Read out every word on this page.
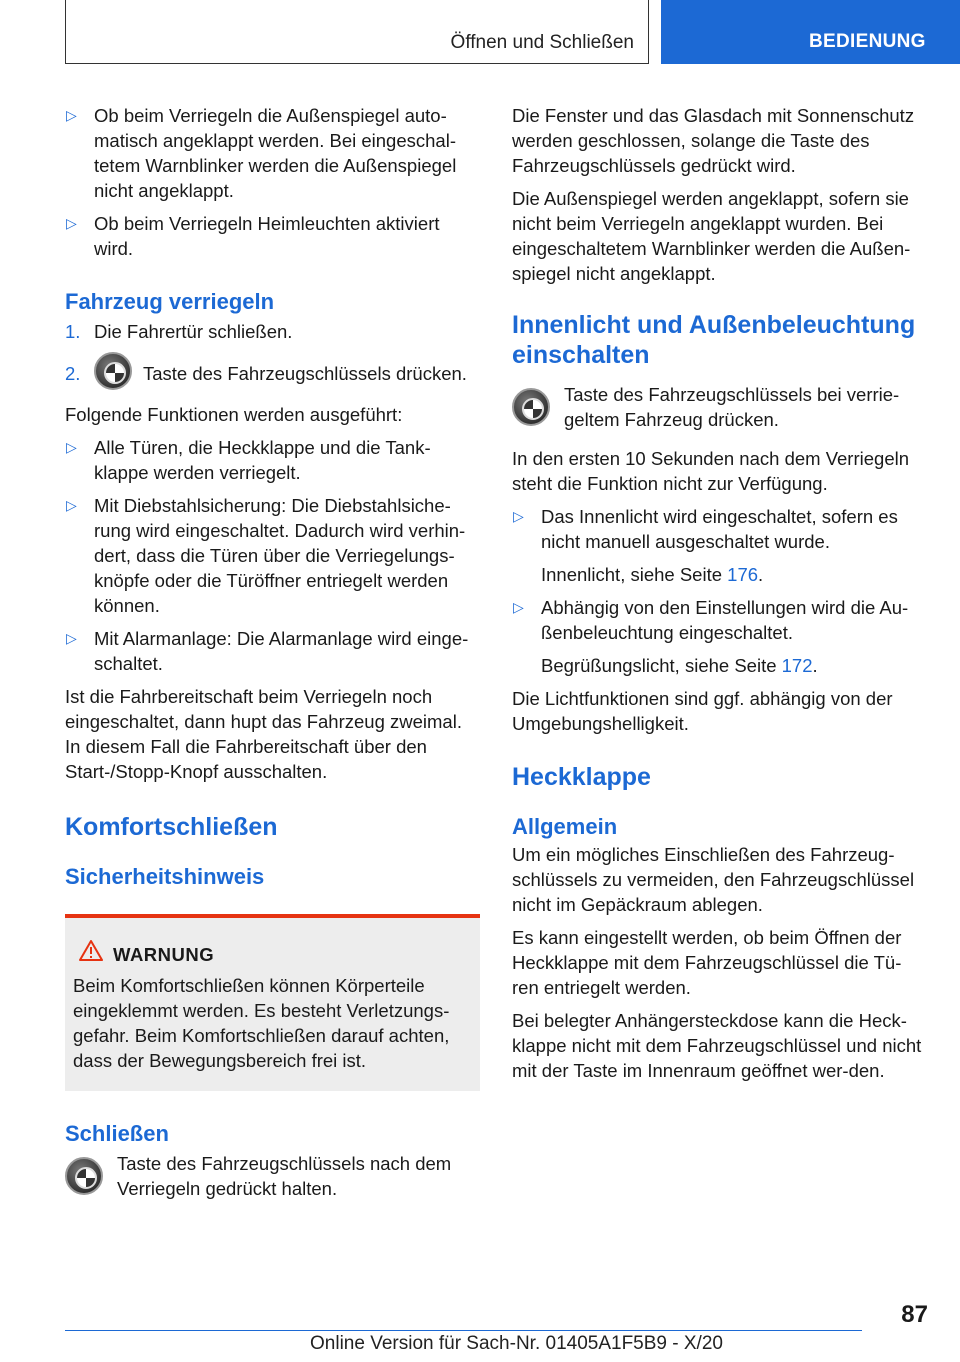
Öffnen und Schließen	BEDIENUNG
▷ Ob beim Verriegeln die Außenspiegel auto-matisch angeklappt werden. Bei eingeschal-tetem Warnblinker werden die Außenspiegel nicht angeklappt.
▷ Ob beim Verriegeln Heimleuchten aktiviert wird.
Fahrzeug verriegeln
1. Die Fahrertür schließen.
2.	Taste des Fahrzeugschlüssels drücken.

Folgende Funktionen werden ausgeführt:

▷ Alle Türen, die Heckklappe und die Tank-klappe werden verriegelt.
▷ Mit Diebstahlsicherung: Die Diebstahlsiche-rung wird eingeschaltet. Dadurch wird verhin-dert, dass die Türen über die Verriegelungs-knöpfe oder die Türöffner entriegelt werden können.
▷ Mit Alarmanlage: Die Alarmanlage wird einge-schaltet.

Ist die Fahrbereitschaft beim Verriegeln noch eingeschaltet, dann hupt das Fahrzeug zweimal. In diesem Fall die Fahrbereitschaft über den Start-/Stopp-Knopf ausschalten.

Komfortschließen
Sicherheitshinweis
WARNUNG
Beim Komfortschließen können Körperteile eingeklemmt werden. Es besteht Verletzungs-gefahr. Beim Komfortschließen darauf achten, dass der Bewegungsbereich frei ist.
Schließen
Taste des Fahrzeugschlüssels nach dem Verriegeln gedrückt halten.

Die Fenster und das Glasdach mit Sonnenschutz werden geschlossen, solange die Taste des Fahrzeugschlüssels gedrückt wird.

Die Außenspiegel werden angeklappt, sofern sie nicht beim Verriegeln angeklappt wurden. Bei eingeschaltetem Warnblinker werden die Außen-spiegel nicht angeklappt.

Innenlicht und Außenbeleuchtung einschalten
Taste des Fahrzeugschlüssels bei verrie-geltem Fahrzeug drücken.

In den ersten 10 Sekunden nach dem Verriegeln steht die Funktion nicht zur Verfügung.

▷ Das Innenlicht wird eingeschaltet, sofern es nicht manuell ausgeschaltet wurde.
Innenlicht, siehe Seite 176.
▷ Abhängig von den Einstellungen wird die Au-ßenbeleuchtung eingeschaltet.
Begrüßungslicht, siehe Seite 172.

Die Lichtfunktionen sind ggf. abhängig von der Umgebungshelligkeit.

Heckklappe
Allgemein

Um ein mögliches Einschließen des Fahrzeug-schlüssels zu vermeiden, den Fahrzeugschlüssel nicht im Gepäckraum ablegen.

Es kann eingestellt werden, ob beim Öffnen der Heckklappe mit dem Fahrzeugschlüssel die Tü-ren entriegelt werden.

Bei belegter Anhängersteckdose kann die Heck-klappe nicht mit dem Fahrzeugschlüssel und nicht mit der Taste im Innenraum geöffnet wer-den.

87
Online Version für Sach-Nr. 01405A1F5B9 - X/20
